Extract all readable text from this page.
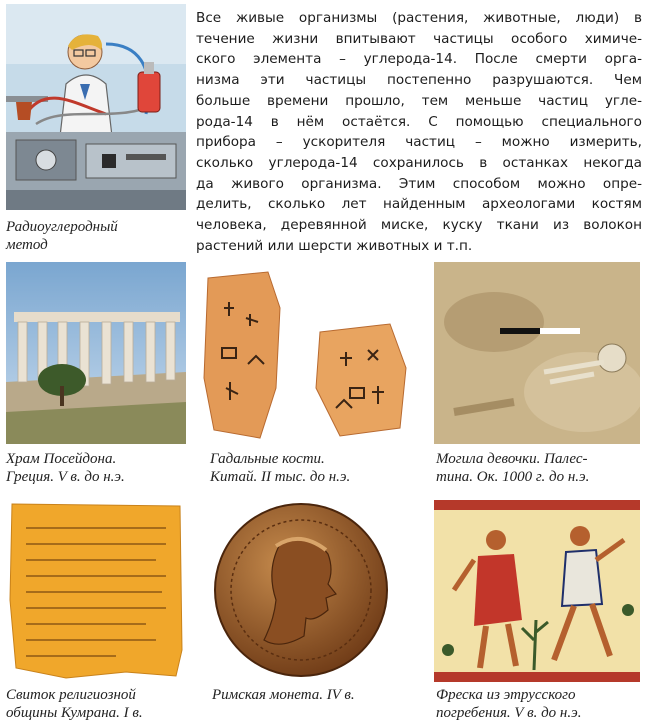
Радиоуглеродный
метод
Все живые организмы (растения, животные, люди) в
течение жизни впитывают частицы особого химиче-
ского элемента – углерода-14. После смерти орга-
низма эти частицы постепенно разрушаются. Чем
больше времени прошло, тем меньше частиц угле-
рода-14 в нём остаётся. С помощью специального
прибора – ускорителя частиц – можно измерить,
сколько углерода-14 сохранилось в останках некогда
да живого организма. Этим способом можно опре-
делить, сколько лет найденным археологами костям
человека, деревянной миске, куску ткани из волокон
растений или шерсти животных и т.п.
Храм Посейдона.
Греция. V в. до н.э.
Гадальные кости.
Китай. II тыс. до н.э.
Могила девочки. Палес-
тина. Ок. 1000 г. до н.э.
Свиток религиозной
общины Кумрана. I в.
Римская монета. IV в.	Фреска из этрусского
погребения. V в. до н.э.
